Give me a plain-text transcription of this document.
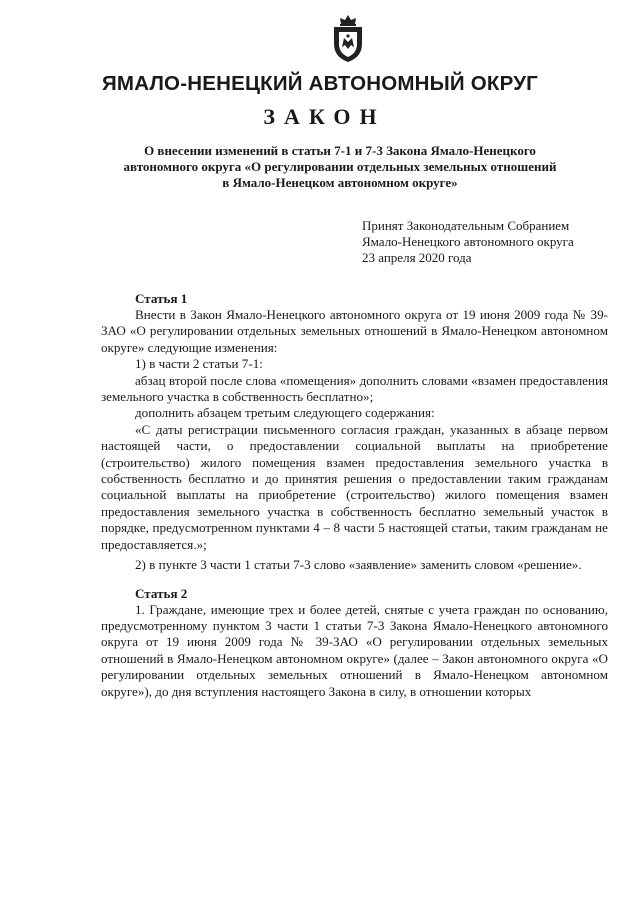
ЯМАЛО-НЕНЕЦКИЙ АВТОНОМНЫЙ ОКРУГ
ЗАКОН
О внесении изменений в статьи 7-1 и 7-3 Закона Ямало-Ненецкого
автономного округа «О регулировании отдельных земельных отношений
в Ямало-Ненецком автономном округе»
Принят Законодательным Собранием
Ямало-Ненецкого автономного округа
23 апреля 2020 года
Статья 1

Внести в Закон Ямало-Ненецкого автономного округа от 19 июня 2009 года № 39-ЗАО «О регулировании отдельных земельных отношений в Ямало-Ненецком автономном округе» следующие изменения:

1) в части 2 статьи 7-1:

абзац второй после слова «помещения» дополнить словами «взамен предоставления земельного участка в собственность бесплатно»;

дополнить абзацем третьим следующего содержания:

«С даты регистрации письменного согласия граждан, указанных в абзаце первом настоящей части, о предоставлении социальной выплаты на приобретение (строительство) жилого помещения взамен предоставления земельного участка в собственность бесплатно и до принятия решения о предоставлении таким гражданам социальной выплаты на приобретение (строительство) жилого помещения взамен предоставления земельного участка в собственность бесплатно земельный участок в порядке, предусмотренном пунктами 4 – 8 части 5 настоящей статьи, таким гражданам не предоставляется.»;

2) в пункте 3 части 1 статьи 7-3 слово «заявление» заменить словом «решение».

Статья 2

1. Граждане, имеющие трех и более детей, снятые с учета граждан по основанию, предусмотренному пунктом 3 части 1 статьи 7-3 Закона Ямало-Ненецкого автономного округа от 19 июня 2009 года № 39-ЗАО «О регулировании отдельных земельных отношений в Ямало-Ненецком автономном округе» (далее – Закон автономного округа «О регулировании отдельных земельных отношений в Ямало-Ненецком автономном округе»), до дня вступления настоящего Закона в силу, в отношении которых
